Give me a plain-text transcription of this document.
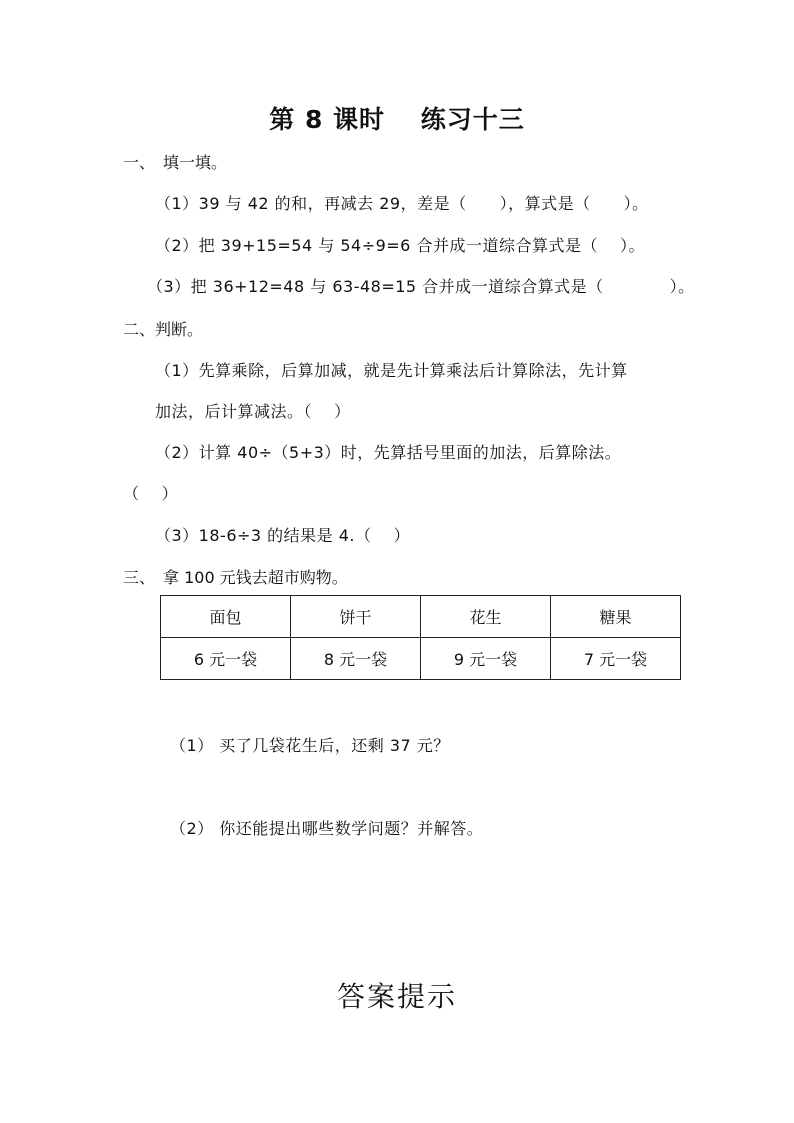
第 8 课时　 练习十三
一、　填一填。
（1）39 与 42 的和，再减去 29，差是（　　），算式是（　　）。
（2）把 39+15=54 与 54÷9=6 合并成一道综合算式是（　 ）。
（3）把 36+12=48 与 63-48=15 合并成一道综合算式是（　　　　）。
二、判断。
（1）先算乘除，后算加减，就是先计算乘法后计算除法，先计算
加法，后计算减法。（　 ）
（2）计算 40÷（5+3）时，先算括号里面的加法，后算除法。
（　 ）
（3）18-6÷3 的结果是 4.（　 ）
三、　拿 100 元钱去超市购物。
面包	饼干	花生	糖果
6 元一袋	8 元一袋	9 元一袋	7 元一袋
（1） 买了几袋花生后，还剩 37 元？
（2） 你还能提出哪些数学问题？并解答。
答案提示
